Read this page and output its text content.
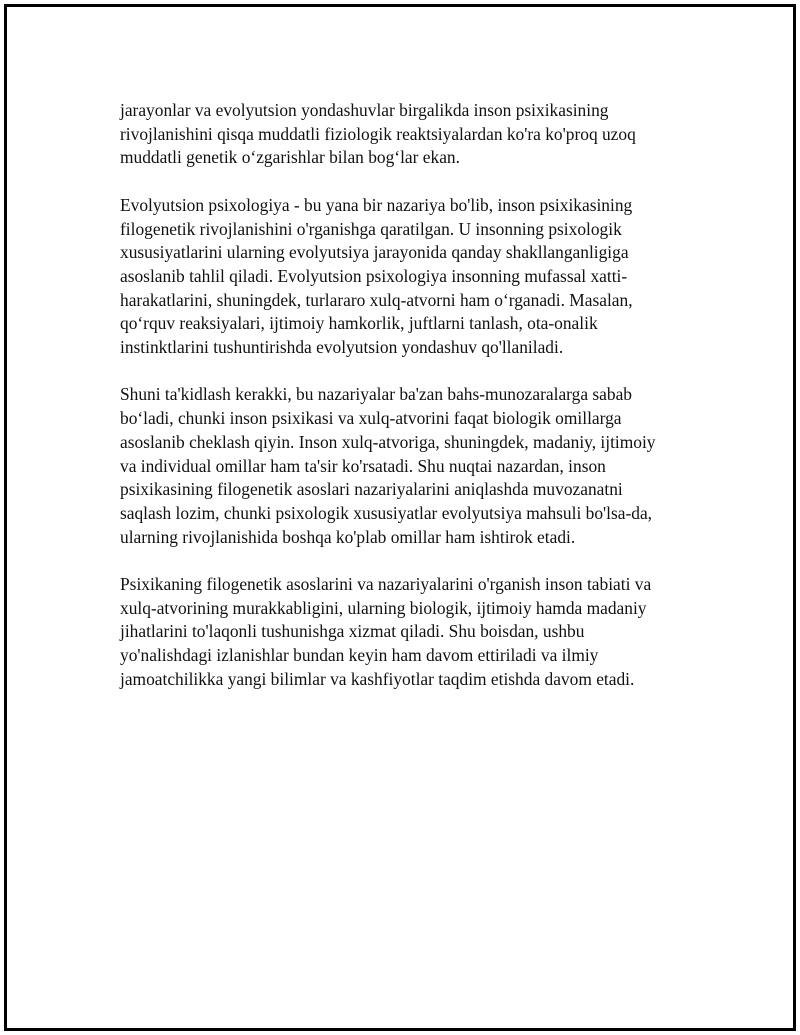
jarayonlar va evolyutsion yondashuvlar birgalikda inson psixikasining
rivojlanishini qisqa muddatli fiziologik reaktsiyalardan ko'ra ko'proq uzoq
muddatli genetik o‘zgarishlar bilan bog‘lar ekan.

Evolyutsion psixologiya - bu yana bir nazariya bo'lib, inson psixikasining
filogenetik rivojlanishini o'rganishga qaratilgan. U insonning psixologik
xususiyatlarini ularning evolyutsiya jarayonida qanday shakllanganligiga
asoslanib tahlil qiladi. Evolyutsion psixologiya insonning mufassal xatti-
harakatlarini, shuningdek, turlararo xulq-atvorni ham o‘rganadi. Masalan,
qo‘rquv reaksiyalari, ijtimoiy hamkorlik, juftlarni tanlash, ota-onalik
instinktlarini tushuntirishda evolyutsion yondashuv qo'llaniladi.

Shuni ta'kidlash kerakki, bu nazariyalar ba'zan bahs-munozaralarga sabab
bo‘ladi, chunki inson psixikasi va xulq-atvorini faqat biologik omillarga
asoslanib cheklash qiyin. Inson xulq-atvoriga, shuningdek, madaniy, ijtimoiy
va individual omillar ham ta'sir ko'rsatadi. Shu nuqtai nazardan, inson
psixikasining filogenetik asoslari nazariyalarini aniqlashda muvozanatni
saqlash lozim, chunki psixologik xususiyatlar evolyutsiya mahsuli bo'lsa-da,
ularning rivojlanishida boshqa ko'plab omillar ham ishtirok etadi.

Psixikaning filogenetik asoslarini va nazariyalarini o'rganish inson tabiati va
xulq-atvorining murakkabligini, ularning biologik, ijtimoiy hamda madaniy
jihatlarini to'laqonli tushunishga xizmat qiladi. Shu boisdan, ushbu
yo'nalishdagi izlanishlar bundan keyin ham davom ettiriladi va ilmiy
jamoatchilikka yangi bilimlar va kashfiyotlar taqdim etishda davom etadi.
